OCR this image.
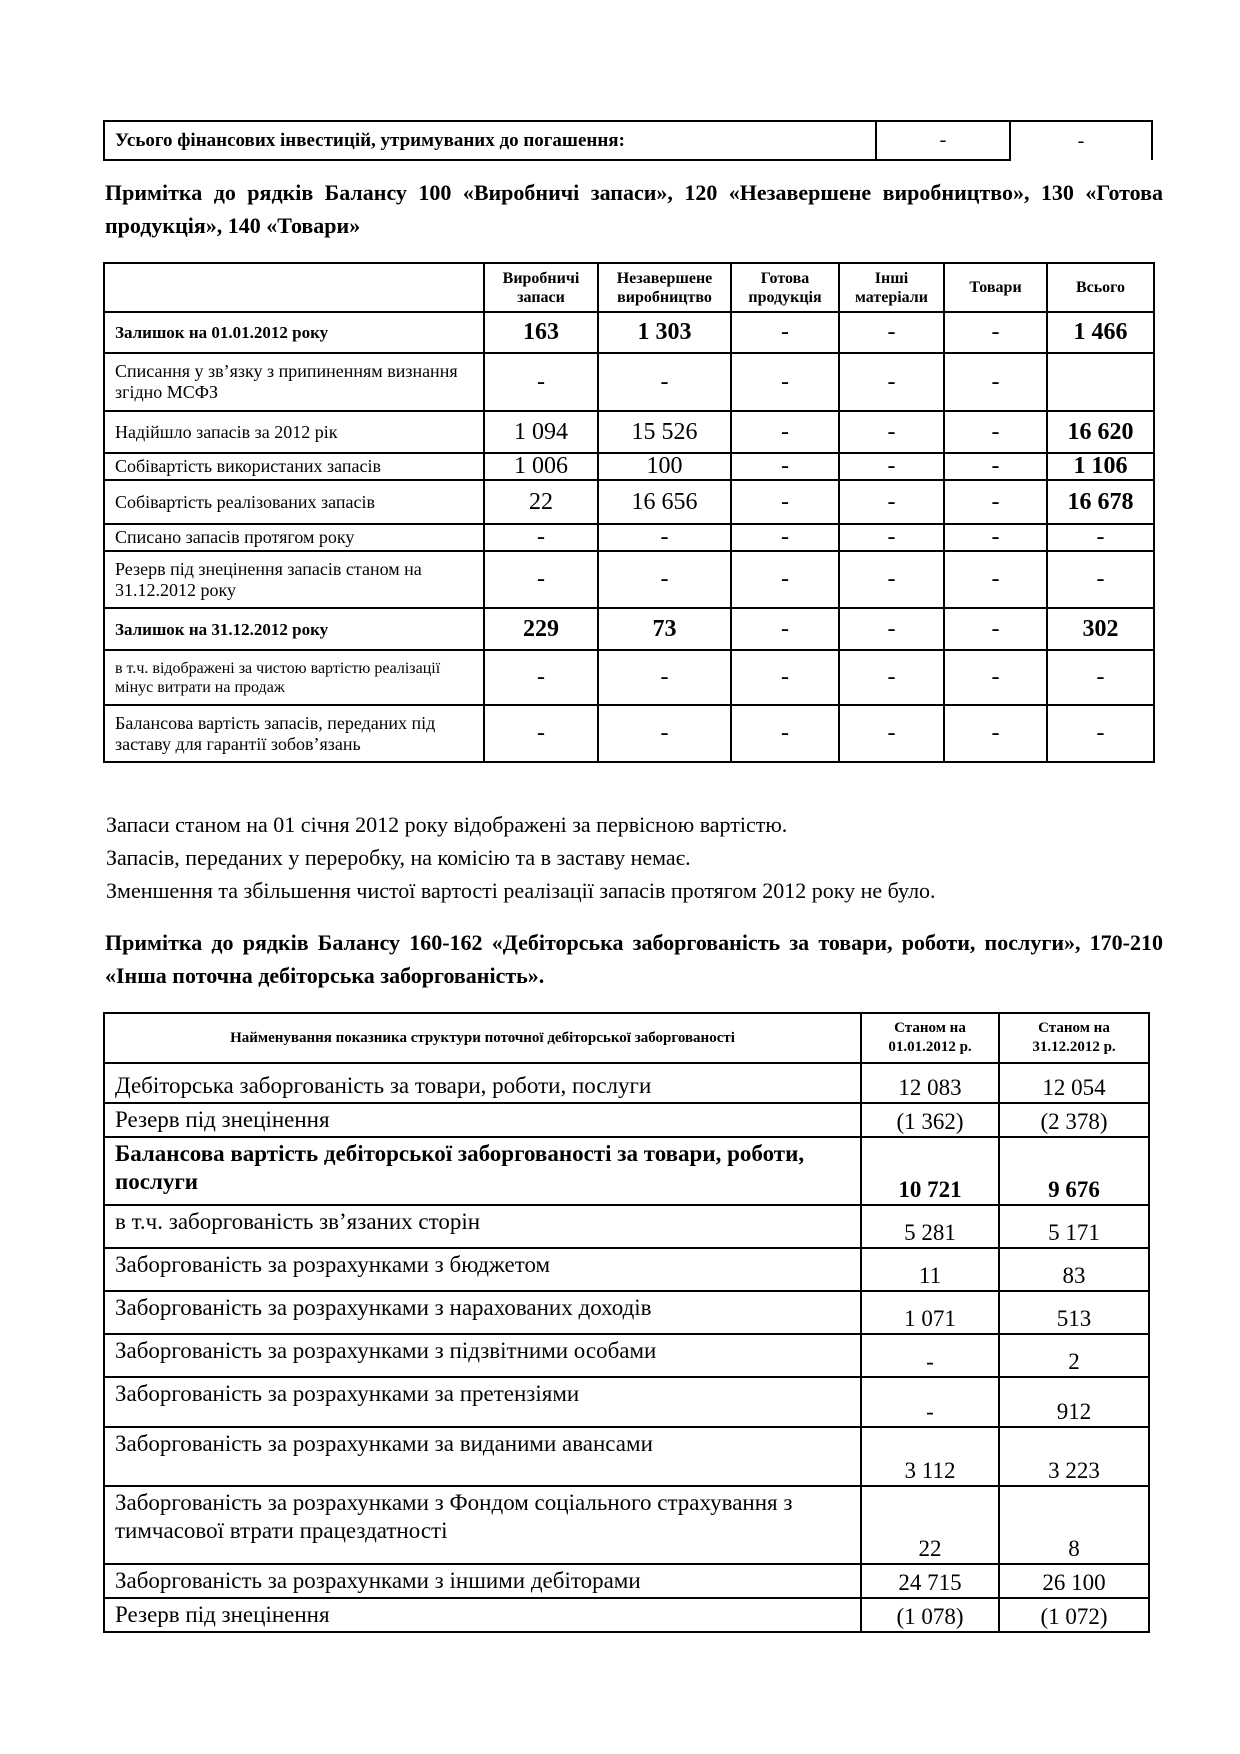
Усього фінансових інвестицій, утримуваних до погашення:	-	-

Примітка до рядків Балансу 100 «Виробничі запаси», 120 «Незавершене виробництво», 130 «Готова продукція», 140 «Товари»

	Виробничі запаси	Незавершене виробництво	Готова продукція	Інші матеріали	Товари	Всього
Залишок на 01.01.2012 року	163	1 303	-	-	-	1 466
Списання у зв’язку з припиненням визнання згідно МСФЗ	-	-	-	-	-	
Надійшло запасів за 2012 рік	1 094	15 526	-	-	-	16 620
Собівартість використаних запасів	1 006	100	-	-	-	1 106
Собівартість реалізованих запасів	22	16 656	-	-	-	16 678
Списано запасів протягом року	-	-	-	-	-	-
Резерв під знецінення запасів станом на 31.12.2012 року	-	-	-	-	-	-
Залишок на 31.12.2012 року	229	73	-	-	-	302
в т.ч. відображені за чистою вартістю реалізації мінус витрати на продаж	-	-	-	-	-	-
Балансова вартість запасів, переданих під заставу для гарантії зобов’язань	-	-	-	-	-	-

Запаси станом на 01 січня 2012 року відображені за первісною вартістю.

Запасів, переданих у переробку, на комісію та в заставу немає.

Зменшення та збільшення чистої вартості реалізації запасів протягом 2012 року не було.

Примітка до рядків Балансу 160-162 «Дебіторська заборгованість за товари, роботи, послуги», 170-210 «Інша поточна дебіторська заборгованість».

Найменування показника структури поточної дебіторської заборгованості	Станом на 01.01.2012 р.	Станом на 31.12.2012 р.
Дебіторська заборгованість за товари, роботи, послуги	12 083	12 054
Резерв під знецінення	(1 362)	(2 378)
Балансова вартість дебіторської заборгованості за товари, роботи, послуги	10 721	9 676
в т.ч. заборгованість зв’язаних сторін	5 281	5 171
Заборгованість за розрахунками з бюджетом	11	83
Заборгованість за розрахунками з нарахованих доходів	1 071	513
Заборгованість за розрахунками з підзвітними особами	-	2
Заборгованість за розрахунками за претензіями	-	912
Заборгованість за розрахунками за виданими авансами	3 112	3 223
Заборгованість за розрахунками з Фондом соціального страхування з тимчасової втрати працездатності	22	8
Заборгованість за розрахунками з іншими дебіторами	24 715	26 100
Резерв під знецінення	(1 078)	(1 072)
